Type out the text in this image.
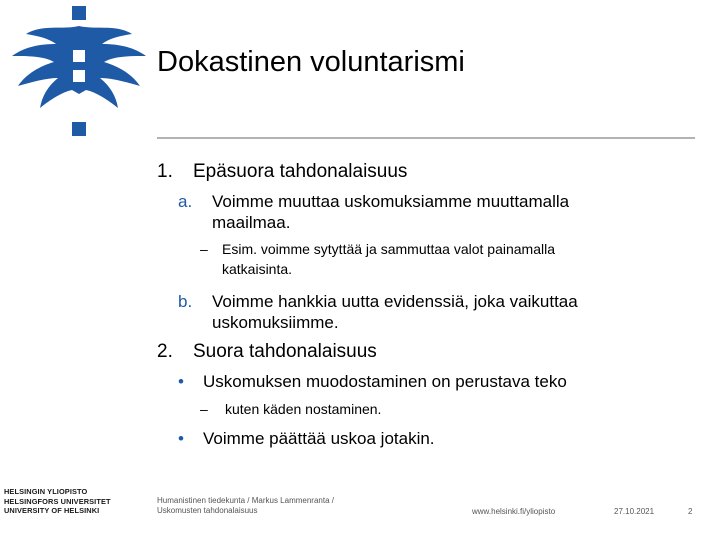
Dokastinen voluntarismi
1. Epäsuora tahdonalaisuus
a. Voimme muuttaa uskomuksiamme muuttamalla
maailmaa.
– Esim. voimme sytyttää ja sammuttaa valot painamalla
katkaisinta.
b. Voimme hankkia uutta evidenssiä, joka vaikuttaa
uskomuksiimme.
2. Suora tahdonalaisuus
• Uskomuksen muodostaminen on perustava teko
– kuten käden nostaminen.
• Voimme päättää uskoa jotakin.
HELSINGIN YLIOPISTO
HELSINGFORS UNIVERSITET
UNIVERSITY OF HELSINKI
Humanistinen tiedekunta / Markus Lammenranta /
Uskomusten tahdonalaisuus	www.helsinki.fi/yliopisto	27.10.2021	2
